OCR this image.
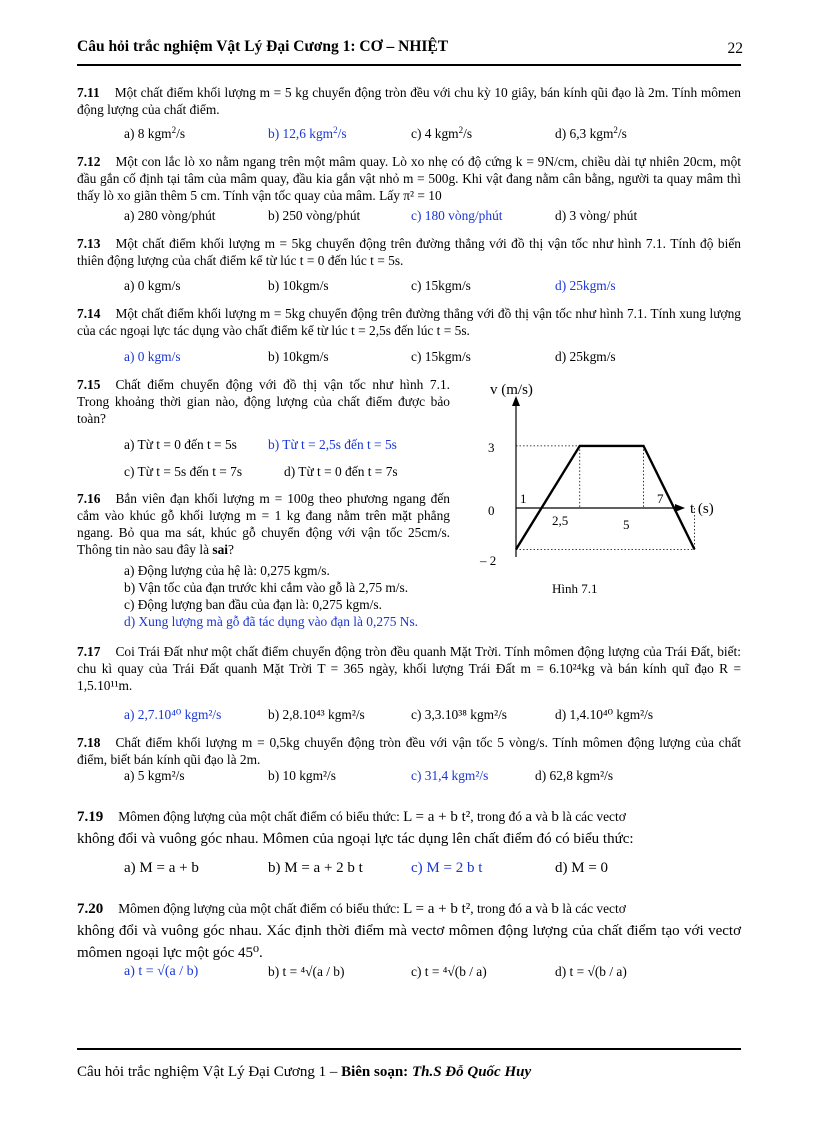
Câu hỏi trắc nghiệm Vật Lý Đại Cương 1: CƠ – NHIỆT	22
7.11 Một chất điểm khối lượng m = 5 kg chuyển động tròn đều với chu kỳ 10 giây, bán kính qũi đạo là 2m. Tính mômen động lượng của chất điểm.
a) 8 kgm$^2$/s	b) 12,6 kgm$^2$/s	c) 4 kgm$^2$/s	d) 6,3 kgm$^2$/s
7.12 Một con lắc lò xo nằm ngang trên một mâm quay. Lò xo nhẹ có độ cứng k = 9N/cm, chiều dài tự nhiên 20cm, một đầu gắn cố định tại tâm của mâm quay, đầu kia gắn vật nhỏ m = 500g. Khi vật đang nằm cân bằng, người ta quay mâm thì thấy lò xo giãn thêm 5 cm. Tính vận tốc quay của mâm. Lấy π² = 10
a) 280 vòng/phút	b) 250 vòng/phút	c) 180 vòng/phút	d) 3 vòng/ phút
7.13 Một chất điểm khối lượng m = 5kg chuyển động trên đường thẳng với đồ thị vận tốc như hình 7.1. Tính độ biến thiên động lượng của chất điểm kể từ lúc t = 0 đến lúc t = 5s.
a) 0 kgm/s	b) 10kgm/s	c) 15kgm/s	d) 25kgm/s
7.14 Một chất điểm khối lượng m = 5kg chuyển động trên đường thẳng với đồ thị vận tốc như hình 7.1. Tính xung lượng của các ngoại lực tác dụng vào chất điểm kể từ lúc t = 2,5s đến lúc t = 5s.
a) 0 kgm/s	b) 10kgm/s	c) 15kgm/s	d) 25kgm/s
7.15 Chất điểm chuyển động với đồ thị vận tốc như hình 7.1. Trong khoảng thời gian nào, động lượng của chất điểm được bảo toàn?
a) Từ t = 0 đến t = 5s b) Từ t = 2,5s đến t = 5s
c) Từ t = 5s đến t = 7s	d) Từ t = 0 đến t = 7s
7.16 Bắn viên đạn khối lượng m = 100g theo phương ngang đến cắm vào khúc gỗ khối lượng m = 1 kg đang nằm trên mặt phẳng ngang. Bỏ qua ma sát, khúc gỗ chuyển động với vận tốc 25cm/s. Thông tin nào sau đây là sai?
a) Động lượng của hệ là: 0,275 kgm/s.
b) Vận tốc của đạn trước khi cắm vào gỗ là 2,75 m/s.
c) Động lượng ban đầu của đạn là: 0,275 kgm/s.
d) Xung lượng mà gỗ đã tác dụng vào đạn là 0,275 Ns.
v (m/s)
t (s)
3
0
– 2
1
2,5	5
7
Hình 7.1
7.17 Coi Trái Đất như một chất điểm chuyển động tròn đều quanh Mặt Trời. Tính mômen động lượng của Trái Đất, biết: chu kì quay của Trái Đất quanh Mặt Trời T = 365 ngày, khối lượng Trái Đất m = 6.10²⁴kg và bán kính quĩ đạo R = 1,5.10¹¹m.
a) 2,7.10⁴⁰ kgm²/s	b) 2,8.10⁴³ kgm²/s	c) 3,3.10³⁸ kgm²/s	d) 1,4.10⁴⁰ kgm²/s
7.18 Chất điểm khối lượng m = 0,5kg chuyển động tròn đều với vận tốc 5 vòng/s. Tính mômen động lượng của chất điểm, biết bán kính qũi đạo là 2m.
a) 5 kgm²/s	b) 10 kgm²/s	c) 31,4 kgm²/s	d) 62,8 kgm²/s
7.19 Mômen động lượng của một chất điểm có biểu thức: L = a + b t², trong đó a và b là các vectơ
không đổi và vuông góc nhau. Mômen của ngoại lực tác dụng lên chất điểm đó có biểu thức:
a) M = a + b	b) M = a + 2 b t	c) M = 2 b t	d) M = 0
7.20 Mômen động lượng của một chất điểm có biểu thức: L = a + b t², trong đó a và b là các vectơ
không đổi và vuông góc nhau. Xác định thời điểm mà vectơ mômen động lượng của chất điểm tạo với vectơ mômen ngoại lực một góc 45⁰.
a) t = √(a / b)	b) t = ⁴√(a / b)	c) t = ⁴√(b / a)	d) t = √(b / a)
Câu hỏi trắc nghiệm Vật Lý Đại Cương 1 – Biên soạn: Th.S Đỗ Quốc Huy
